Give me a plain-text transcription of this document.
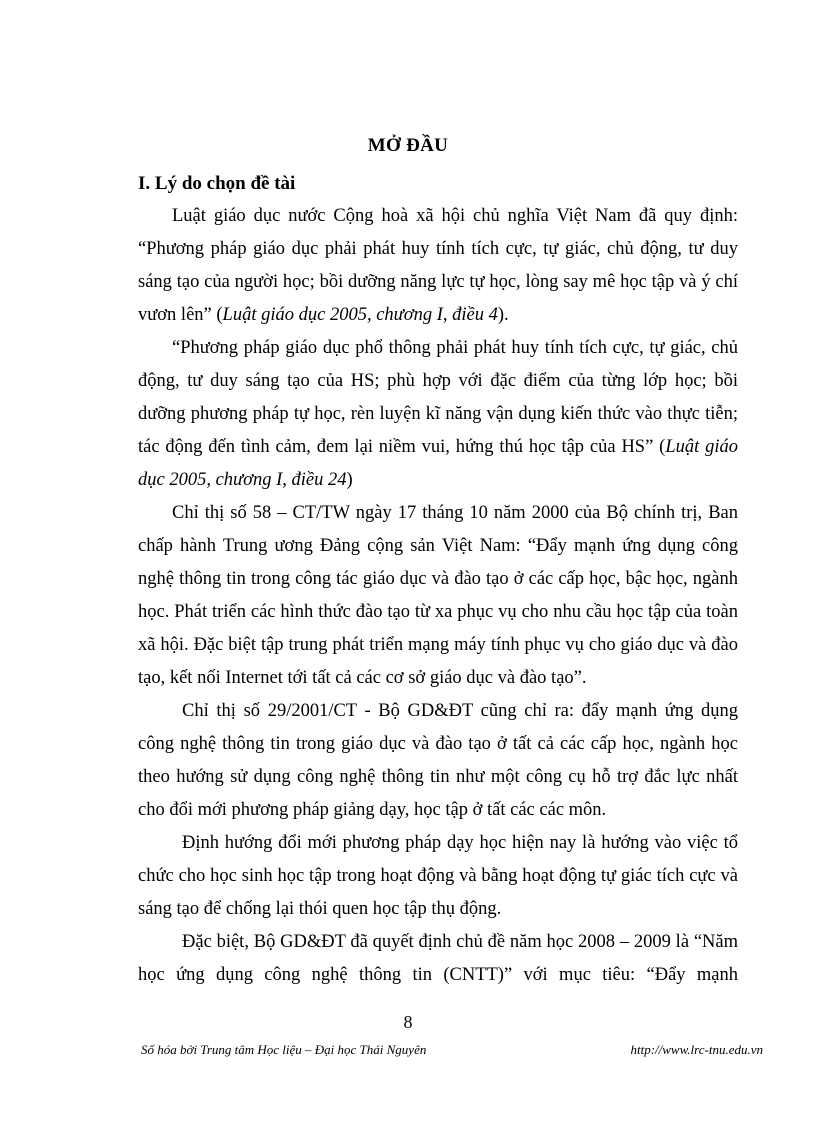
MỞ ĐẦU
I. Lý do chọn đề tài

Luật giáo dục nước Cộng hoà xã hội chủ nghĩa Việt Nam đã quy định: “Phương pháp giáo dục phải phát huy tính tích cực, tự giác, chủ động, tư duy sáng tạo của người học; bồi dưỡng năng lực tự học, lòng say mê học tập và ý chí vươn lên” (Luật giáo dục 2005, chương I, điều 4).

“Phương pháp giáo dục phổ thông phải phát huy tính tích cực, tự giác, chủ động, tư duy sáng tạo của HS; phù hợp với đặc điểm của từng lớp học; bồi dưỡng phương pháp tự học, rèn luyện kĩ năng vận dụng kiến thức vào thực tiễn; tác động đến tình cảm, đem lại niềm vui, hứng thú học tập của HS” (Luật giáo dục 2005, chương I, điều 24)

Chỉ thị số 58 – CT/TW ngày 17 tháng 10 năm 2000 của Bộ chính trị, Ban chấp hành Trung ương Đảng cộng sản Việt Nam: “Đẩy mạnh ứng dụng công nghệ thông tin trong công tác giáo dục và đào tạo ở các cấp học, bậc học, ngành học. Phát triển các hình thức đào tạo từ xa phục vụ cho nhu cầu học tập của toàn xã hội. Đặc biệt tập trung phát triển mạng máy tính phục vụ cho giáo dục và đào tạo, kết nối Internet tới tất cả các cơ sở giáo dục và đào tạo”.

Chỉ thị số 29/2001/CT - Bộ GD&ĐT cũng chỉ ra: đẩy mạnh ứng dụng công nghệ thông tin trong giáo dục và đào tạo ở tất cả các cấp học, ngành học theo hướng sử dụng công nghệ thông tin như một công cụ hỗ trợ đắc lực nhất cho đổi mới phương pháp giảng dạy, học tập ở tất các các môn.

Định hướng đổi mới phương pháp dạy học hiện nay là hướng vào việc tổ chức cho học sinh học tập trong hoạt động và bằng hoạt động tự giác tích cực và sáng tạo để chống lại thói quen học tập thụ động.

Đặc biệt, Bộ GD&ĐT đã quyết định chủ đề năm học 2008 – 2009 là “Năm học ứng dụng công nghệ thông tin (CNTT)” với mục tiêu: “Đẩy mạnh

8
Số hóa bởi Trung tâm Học liệu – Đại học Thái Nguyên	http://www.lrc-tnu.edu.vn
